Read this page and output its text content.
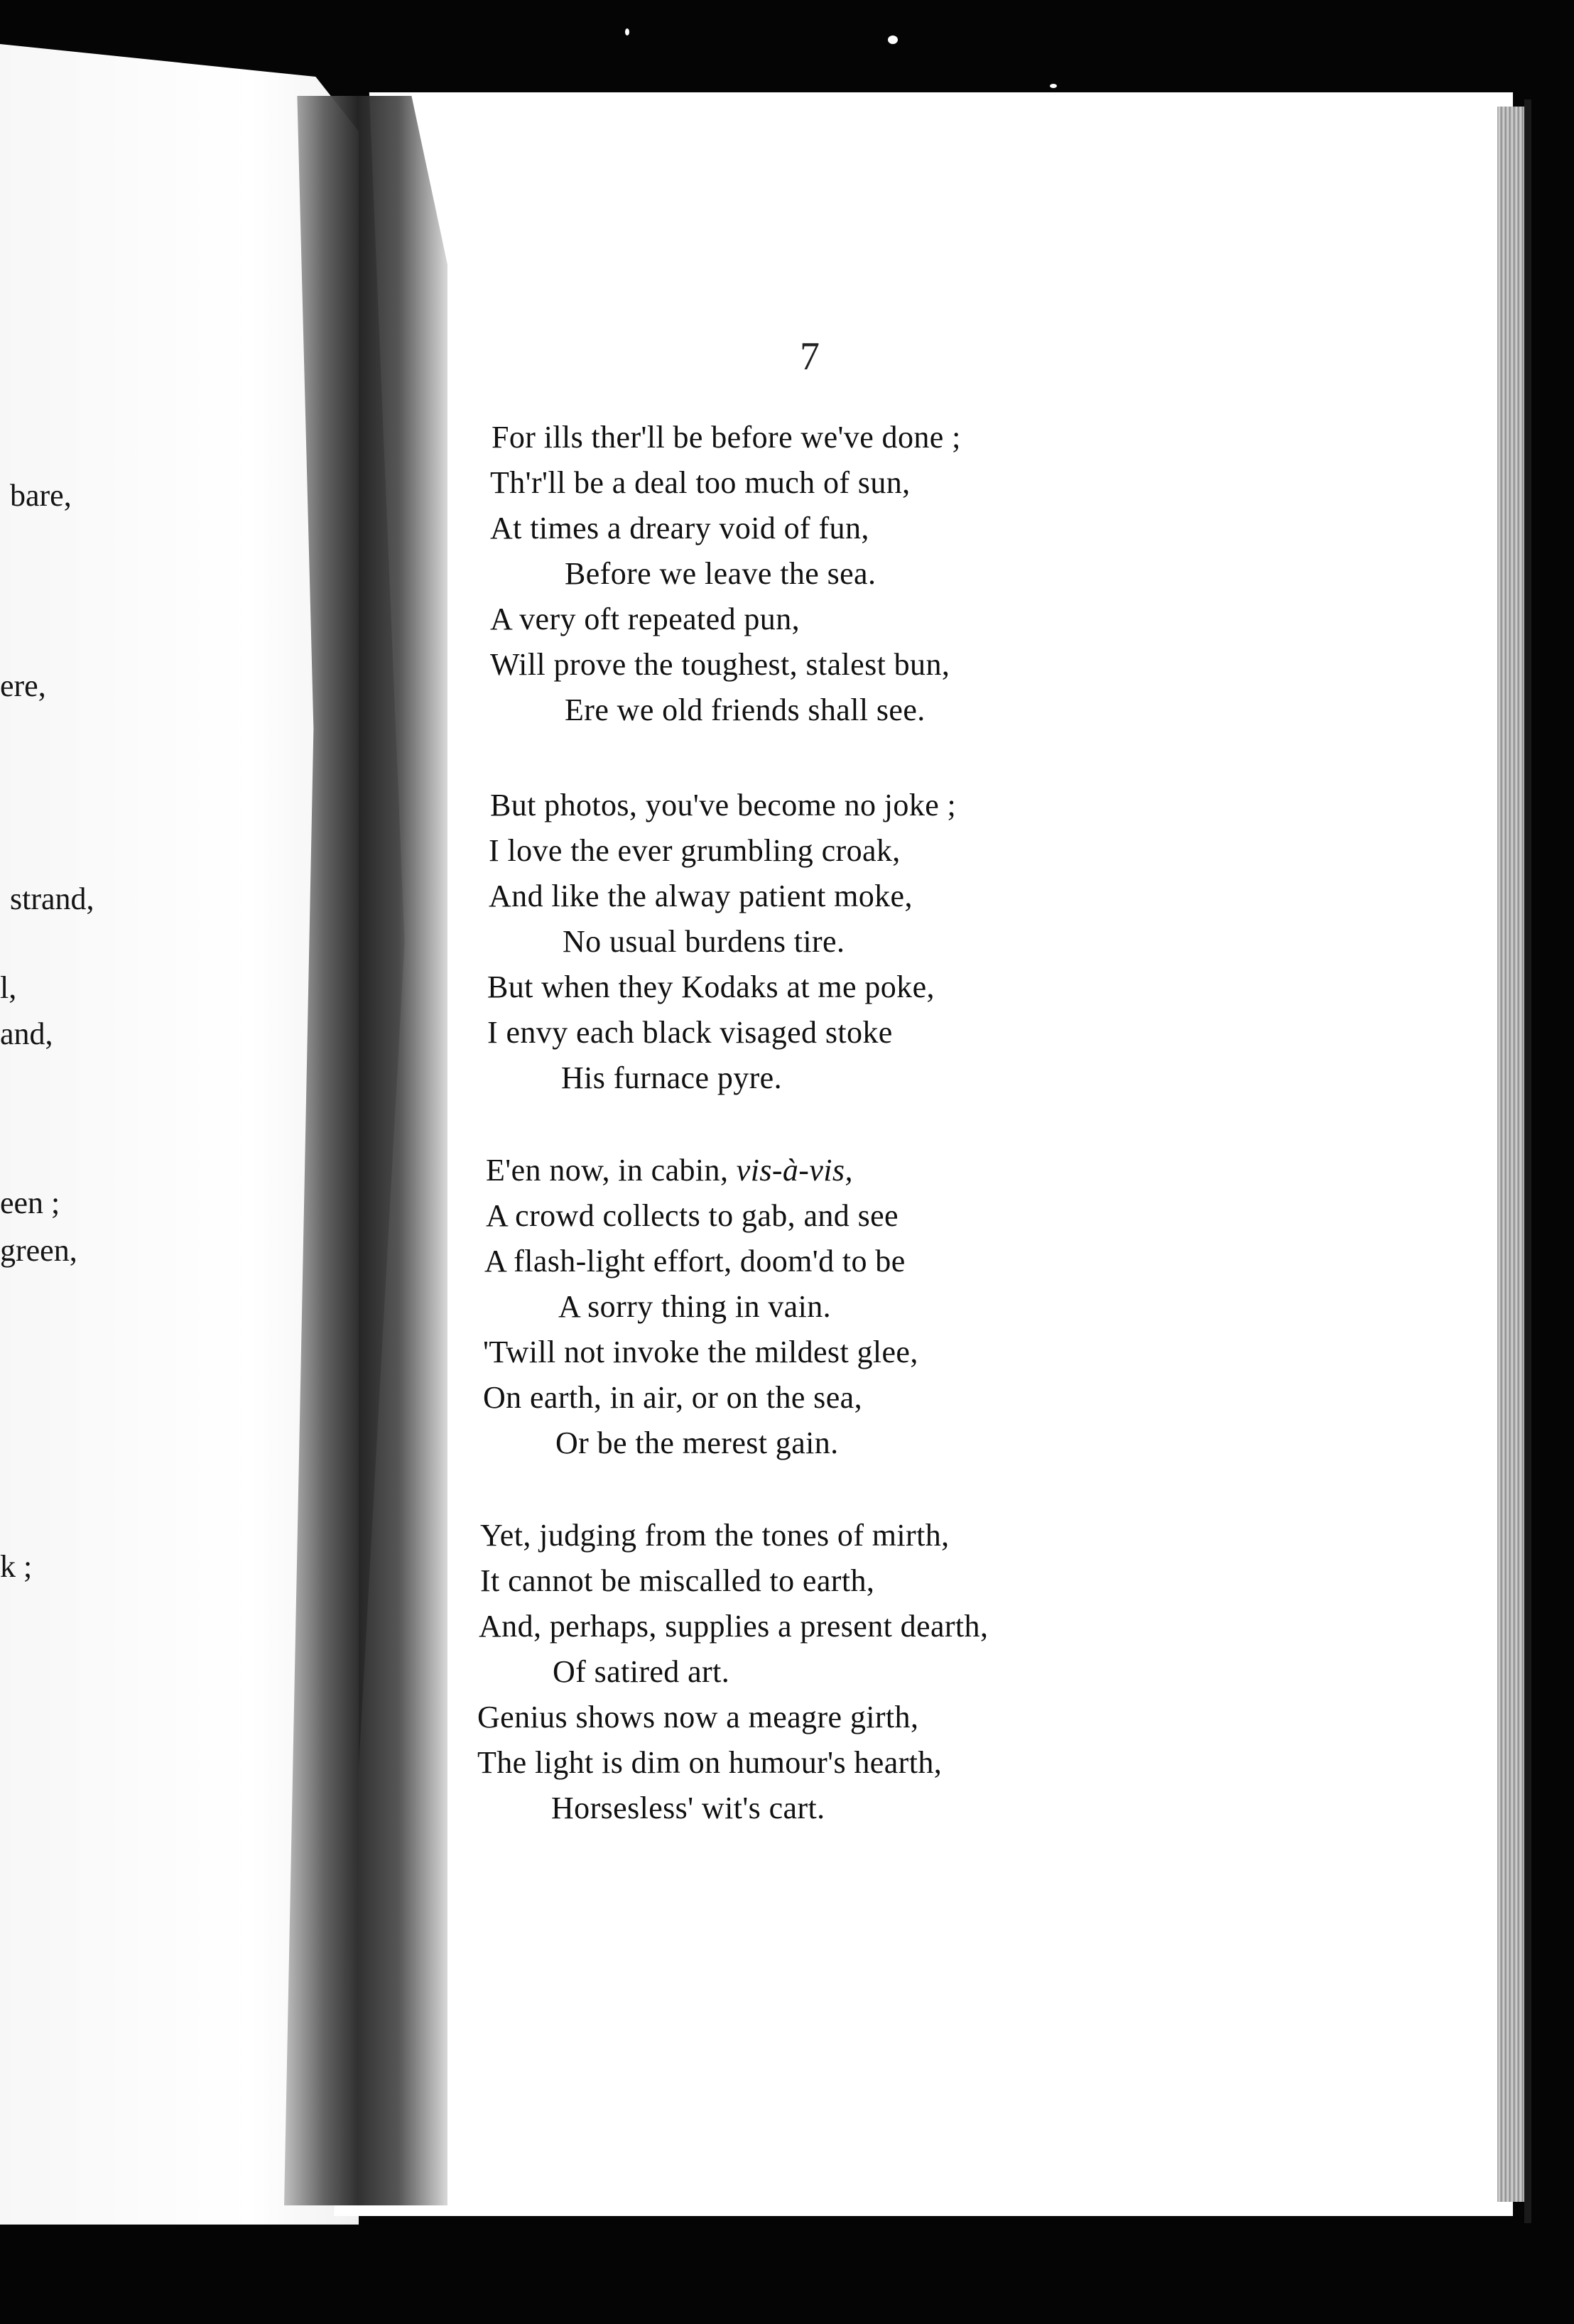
bare,
ere,
strand,
l,
and,
een ;
green,
k ;
7
For ills ther'll be before we've done ;
Th'r'll be a deal too much of sun,
At times a dreary void of fun,
Before we leave the sea.
A very oft repeated pun,
Will prove the toughest, stalest bun,
Ere we old friends shall see.
But photos, you've become no joke ;
I love the ever grumbling croak,
And like the alway patient moke,
No usual burdens tire.
But when they Kodaks at me poke,
I envy each black visaged stoke
His furnace pyre.
E'en now, in cabin, vis-à-vis,
A crowd collects to gab, and see
A flash-light effort, doom'd to be
A sorry thing in vain.
'Twill not invoke the mildest glee,
On earth, in air, or on the sea,
Or be the merest gain.
Yet, judging from the tones of mirth,
It cannot be miscalled to earth,
And, perhaps, supplies a present dearth,
Of satired art.
Genius shows now a meagre girth,
The light is dim on humour's hearth,
Horsesless' wit's cart.
